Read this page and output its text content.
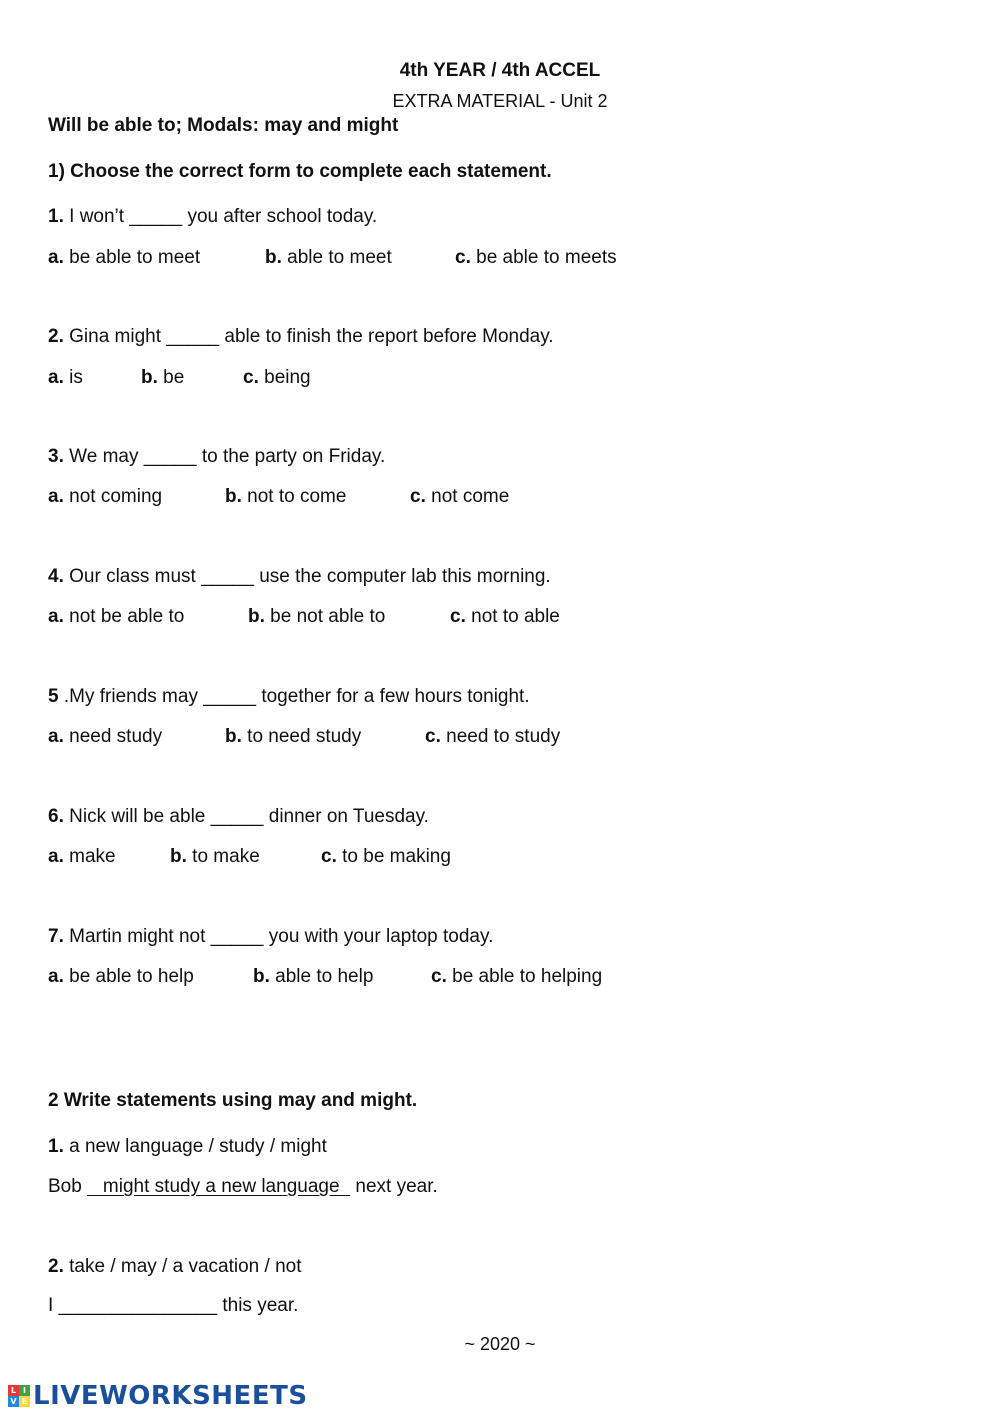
4th YEAR / 4th ACCEL
EXTRA MATERIAL - Unit 2
Will be able to; Modals: may and might
1) Choose the correct form to complete each statement.
1. I won’t _____ you after school today.
a. be able to meet	b. able to meet	c. be able to meets
2. Gina might _____ able to finish the report before Monday.
a. is	b. be	c. being
3. We may _____ to the party on Friday.
a. not coming	b. not to come	c. not come
4. Our class must _____ use the computer lab this morning.
a. not be able to	b. be not able to	c. not to able
5 .My friends may _____ together for a few hours tonight.
a. need study	b. to need study	c. need to study
6. Nick will be able _____ dinner on Tuesday.
a. make	b. to make	c. to be making
7. Martin might not _____ you with your laptop today.
a. be able to help	b. able to help	c. be able to helping
2 Write statements using may and might.
1. a new language / study / might
Bob    might study a new language   next year.
2. take / may / a vacation / not
I _______________ this year.
~ 2020 ~
L I
V E LIVEWORKSHEETS
